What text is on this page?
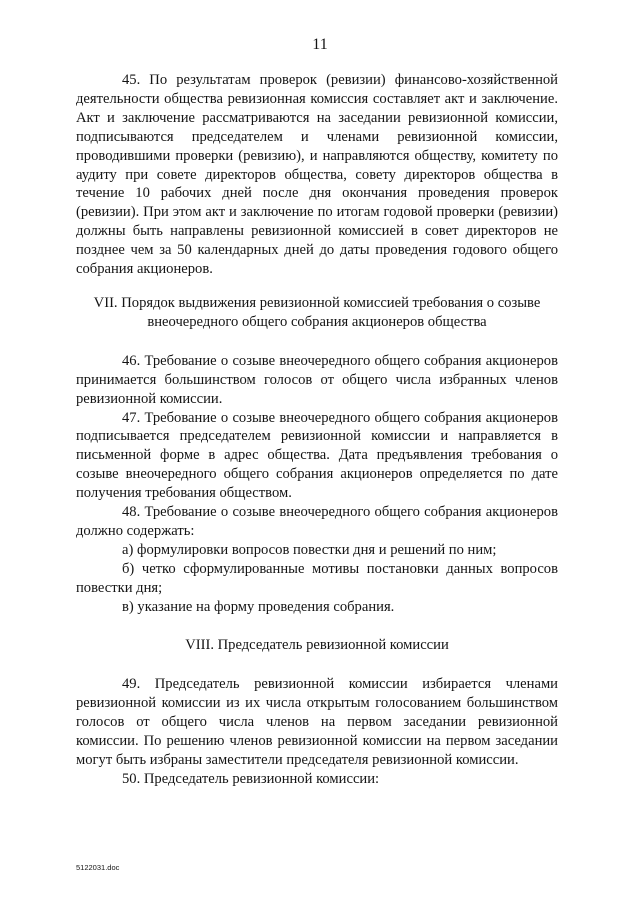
11

45. По результатам проверок (ревизии) финансово-хозяйственной деятельности общества ревизионная комиссия составляет акт и заключение. Акт и заключение рассматриваются на заседании ревизионной комиссии, подписываются председателем и членами ревизионной комиссии, проводившими проверки (ревизию), и направляются обществу, комитету по аудиту при совете директоров общества, совету директоров общества в течение 10 рабочих дней после дня окончания проведения проверок (ревизии). При этом акт и заключение по итогам годовой проверки (ревизии) должны быть направлены ревизионной комиссией в совет директоров не позднее чем за 50 календарных дней до даты проведения годового общего собрания акционеров.

VII. Порядок выдвижения ревизионной комиссией требования о созыве

внеочередного общего собрания акционеров общества

46. Требование о созыве внеочередного общего собрания акционеров принимается большинством голосов от общего числа избранных членов ревизионной комиссии.

47. Требование о созыве внеочередного общего собрания акционеров подписывается председателем ревизионной комиссии и направляется в письменной форме в адрес общества. Дата предъявления требования о созыве внеочередного общего собрания акционеров определяется по дате получения требования обществом.

48. Требование о созыве внеочередного общего собрания акционеров должно содержать:

а) формулировки вопросов повестки дня и решений по ним;

б) четко сформулированные мотивы постановки данных вопросов повестки дня;

в) указание на форму проведения собрания.

VIII. Председатель ревизионной комиссии

49. Председатель ревизионной комиссии избирается членами ревизионной комиссии из их числа открытым голосованием большинством голосов от общего числа членов на первом заседании ревизионной комиссии. По решению членов ревизионной комиссии на первом заседании могут быть избраны заместители председателя ревизионной комиссии.

50. Председатель ревизионной комиссии:

5122031.doc
